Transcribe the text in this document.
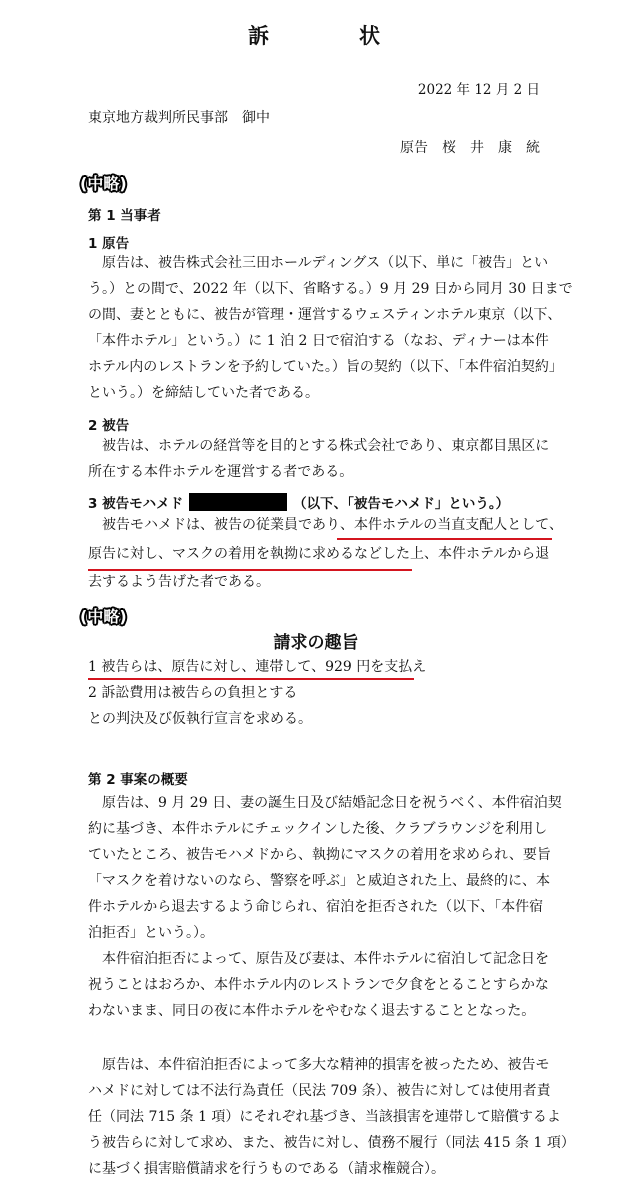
訴	状
2022 年 12 月 2 日
東京地方裁判所民事部　御中
原告　桜　井　康　統
(中略)
第 1 当事者
1 原告
原告は、被告株式会社三田ホールディングス（以下、単に「被告」とい
う。）との間で、2022 年（以下、省略する。）9 月 29 日から同月 30 日まで
の間、妻とともに、被告が管理・運営するウェスティンホテル東京（以下、
「本件ホテル」という。）に 1 泊 2 日で宿泊する（なお、ディナーは本件
ホテル内のレストランを予約していた。）旨の契約（以下、「本件宿泊契約」
という。）を締結していた者である。
2 被告
被告は、ホテルの経営等を目的とする株式会社であり、東京都目黒区に
所在する本件ホテルを運営する者である。
3 被告モハメド	（以下、「被告モハメド」という。）
被告モハメドは、被告の従業員であり、本件ホテルの当直支配人として、
原告に対し、マスクの着用を執拗に求めるなどした上、本件ホテルから退
去するよう告げた者である。
(中略)
請求の趣旨
1 被告らは、原告に対し、連帯して、929 円を支払え
2 訴訟費用は被告らの負担とする
との判決及び仮執行宣言を求める。
第 2 事案の概要
原告は、9 月 29 日、妻の誕生日及び結婚記念日を祝うべく、本件宿泊契
約に基づき、本件ホテルにチェックインした後、クラブラウンジを利用し
ていたところ、被告モハメドから、執拗にマスクの着用を求められ、要旨
「マスクを着けないのなら、警察を呼ぶ」と威迫された上、最終的に、本
件ホテルから退去するよう命じられ、宿泊を拒否された（以下、「本件宿
泊拒否」という。）。
本件宿泊拒否によって、原告及び妻は、本件ホテルに宿泊して記念日を
祝うことはおろか、本件ホテル内のレストランで夕食をとることすらかな
わないまま、同日の夜に本件ホテルをやむなく退去することとなった。
原告は、本件宿泊拒否によって多大な精神的損害を被ったため、被告モ
ハメドに対しては不法行為責任（民法 709 条）、被告に対しては使用者責
任（同法 715 条 1 項）にそれぞれ基づき、当該損害を連帯して賠償するよ
う被告らに対して求め、また、被告に対し、債務不履行（同法 415 条 1 項）
に基づく損害賠償請求を行うものである（請求権競合）。
